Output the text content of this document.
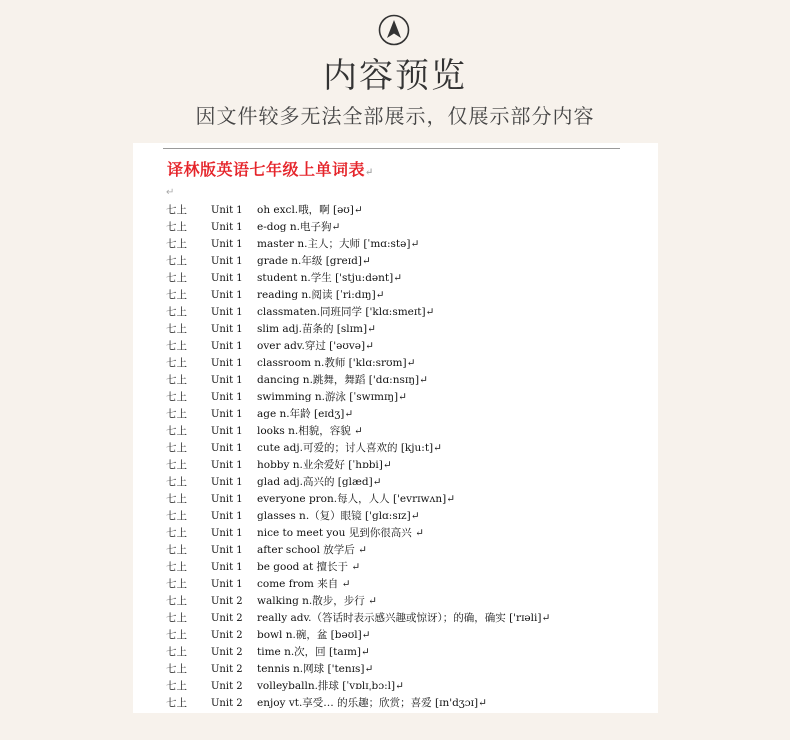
内容预览
因文件较多无法全部展示，仅展示部分内容
译林版英语七年级上单词表↵
↵
七上 Unit 1 oh excl.哦，啊 [əʊ]↵
七上 Unit 1 e-dog n.电子狗↵
七上 Unit 1 master n.主人；大师 [ˈmɑ:stə]↵
七上 Unit 1 grade n.年级 [greɪd]↵
七上 Unit 1 student n.学生 ['stju:dənt]↵
七上 Unit 1 reading n.阅读 [ˈri:dɪŋ]↵
七上 Unit 1 classmaten.同班同学 ['klɑ:smeɪt]↵
七上 Unit 1 slim adj.苗条的 [slɪm]↵
七上 Unit 1 over adv.穿过 ['əʊvə]↵
七上 Unit 1 classroom n.教师 ['klɑ:srʊm]↵
七上 Unit 1 dancing n.跳舞，舞蹈 ['dɑ:nsɪŋ]↵
七上 Unit 1 swimming n.游泳 [ˈswɪmɪŋ]↵
七上 Unit 1 age n.年龄 [eɪdʒ]↵
七上 Unit 1 looks n.相貌，容貌 ↵
七上 Unit 1 cute adj.可爱的；讨人喜欢的 [kju:t]↵
七上 Unit 1 hobby n.业余爱好 [ˈhɒbi]↵
七上 Unit 1 glad adj.高兴的 [glæd]↵
七上 Unit 1 everyone pron.每人，人人 ['evrɪwʌn]↵
七上 Unit 1 glasses n.（复）眼镜 ['glɑ:sɪz]↵
七上 Unit 1 nice to meet you 见到你很高兴 ↵
七上 Unit 1 after school 放学后 ↵
七上 Unit 1 be good at 擅长于 ↵
七上 Unit 1 come from 来自 ↵
七上 Unit 2 walking n.散步，步行 ↵
七上 Unit 2 really adv.（答话时表示感兴趣或惊讶）；的确，确实 ['rɪəli]↵
七上 Unit 2 bowl n.碗，盆 [bəʊl]↵
七上 Unit 2 time n.次，回 [taɪm]↵
七上 Unit 2 tennis n.网球 ['tenɪs]↵
七上 Unit 2 volleyballn.排球 [ˈvɒlɪˌbɔ:l]↵
七上 Unit 2 enjoy vt.享受… 的乐趣；欣赏；喜爱 [ɪn'dʒɔɪ]↵
